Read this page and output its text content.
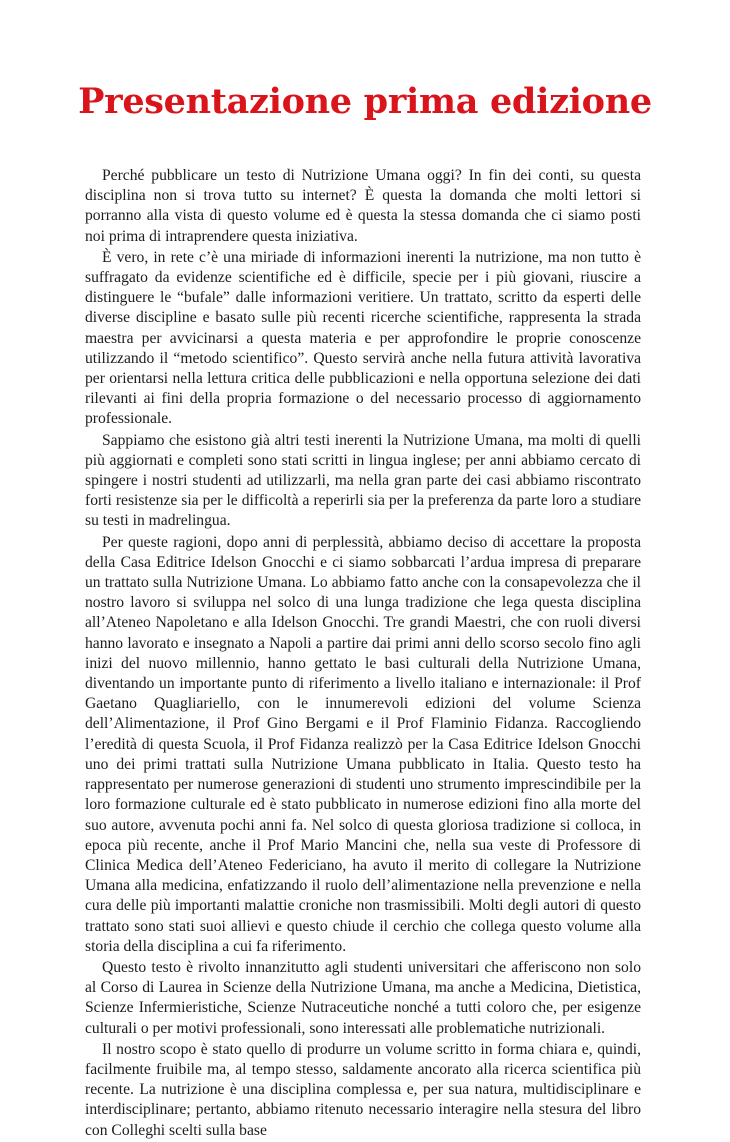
Presentazione prima edizione

Perché pubblicare un testo di Nutrizione Umana oggi? In fin dei conti, su questa disciplina non si trova tutto su internet? È questa la domanda che molti lettori si porranno alla vista di questo volume ed è questa la stessa domanda che ci siamo posti noi prima di intraprendere questa iniziativa.

È vero, in rete c’è una miriade di informazioni inerenti la nutrizione, ma non tutto è suffragato da evidenze scientifiche ed è difficile, specie per i più giovani, riuscire a distinguere le “bufale” dalle informazioni veritiere. Un trattato, scritto da esperti delle diverse discipline e basato sulle più recenti ricerche scientifiche, rappresenta la strada maestra per avvicinarsi a questa materia e per approfondire le proprie conoscenze utilizzando il “metodo scientifico”. Questo servirà anche nella futura attività lavorativa per orientarsi nella lettura critica delle pubblicazioni e nella opportuna selezione dei dati rilevanti ai fini della propria formazione o del necessario processo di aggiornamento professionale.

Sappiamo che esistono già altri testi inerenti la Nutrizione Umana, ma molti di quelli più aggiornati e completi sono stati scritti in lingua inglese; per anni abbiamo cercato di spingere i nostri studenti ad utilizzarli, ma nella gran parte dei casi abbiamo riscontrato forti resistenze sia per le difficoltà a reperirli sia per la preferenza da parte loro a studiare su testi in madrelingua.

Per queste ragioni, dopo anni di perplessità, abbiamo deciso di accettare la proposta della Casa Editrice Idelson Gnocchi e ci siamo sobbarcati l’ardua impresa di preparare un trattato sulla Nutrizione Umana. Lo abbiamo fatto anche con la consapevolezza che il nostro lavoro si sviluppa nel solco di una lunga tradizione che lega questa disciplina all’Ateneo Napoletano e alla Idelson Gnocchi. Tre grandi Maestri, che con ruoli diversi hanno lavorato e insegnato a Napoli a partire dai primi anni dello scorso secolo fino agli inizi del nuovo millennio, hanno gettato le basi culturali della Nutrizione Umana, diventando un importante punto di riferimento a livello italiano e internazionale: il Prof Gaetano Quagliariello, con le innumerevoli edizioni del volume Scienza dell’Alimentazione, il Prof Gino Bergami e il Prof Flaminio Fidanza. Raccogliendo l’eredità di questa Scuola, il Prof Fidanza realizzò per la Casa Editrice Idelson Gnocchi uno dei primi trattati sulla Nutrizione Umana pubblicato in Italia. Questo testo ha rappresentato per numerose generazioni di studenti uno strumento imprescindibile per la loro formazione culturale ed è stato pubblicato in numerose edizioni fino alla morte del suo autore, avvenuta pochi anni fa. Nel solco di questa gloriosa tradizione si colloca, in epoca più recente, anche il Prof Mario Mancini che, nella sua veste di Professore di Clinica Medica dell’Ateneo Federiciano, ha avuto il merito di collegare la Nutrizione Umana alla medicina, enfatizzando il ruolo dell’alimentazione nella prevenzione e nella cura delle più importanti malattie croniche non trasmissibili. Molti degli autori di questo trattato sono stati suoi allievi e questo chiude il cerchio che collega questo volume alla storia della disciplina a cui fa riferimento.

Questo testo è rivolto innanzitutto agli studenti universitari che afferiscono non solo al Corso di Laurea in Scienze della Nutrizione Umana, ma anche a Medicina, Dietistica, Scienze Infermieristiche, Scienze Nutraceutiche nonché a tutti coloro che, per esigenze culturali o per motivi professionali, sono interessati alle problematiche nutrizionali.

Il nostro scopo è stato quello di produrre un volume scritto in forma chiara e, quindi, facilmente fruibile ma, al tempo stesso, saldamente ancorato alla ricerca scientifica più recente. La nutrizione è una disciplina complessa e, per sua natura, multidisciplinare e interdisciplinare; pertanto, abbiamo ritenuto necessario interagire nella stesura del libro con Colleghi scelti sulla base
